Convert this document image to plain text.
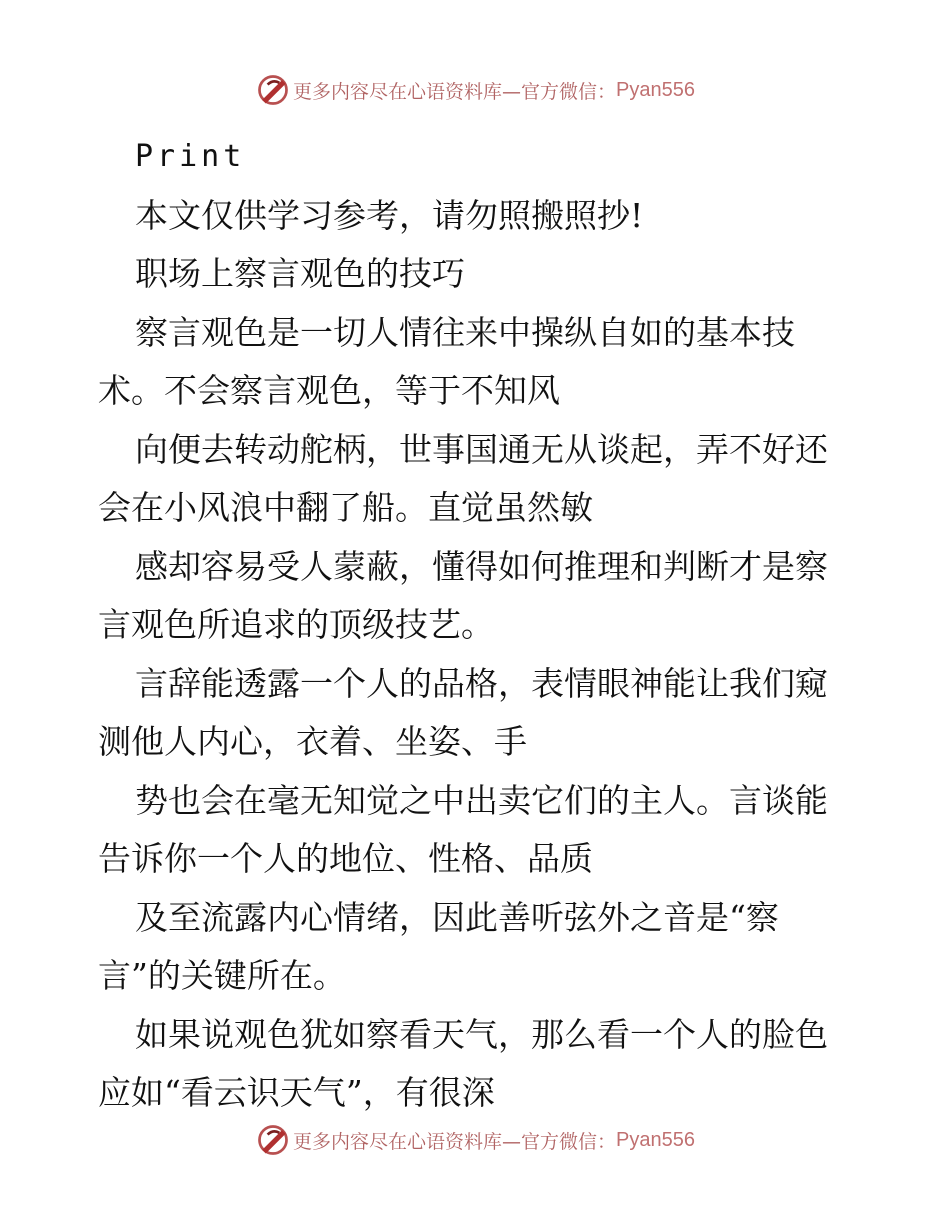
更多内容尽在心语资料库—官方微信： Pyan556

Print

本文仅供学习参考，请勿照搬照抄!

职场上察言观色的技巧

察言观色是一切人情往来中操纵自如的基本技术。不会察言观色，等于不知风

向便去转动舵柄，世事国通无从谈起，弄不好还会在小风浪中翻了船。直觉虽然敏

感却容易受人蒙蔽，懂得如何推理和判断才是察言观色所追求的顶级技艺。

言辞能透露一个人的品格，表情眼神能让我们窥测他人内心，衣着、坐姿、手

势也会在毫无知觉之中出卖它们的主人。言谈能告诉你一个人的地位、性格、品质

及至流露内心情绪，因此善听弦外之音是“察言”的关键所在。

如果说观色犹如察看天气，那么看一个人的脸色应如“看云识天气”，有很深

更多内容尽在心语资料库—官方微信： Pyan556
